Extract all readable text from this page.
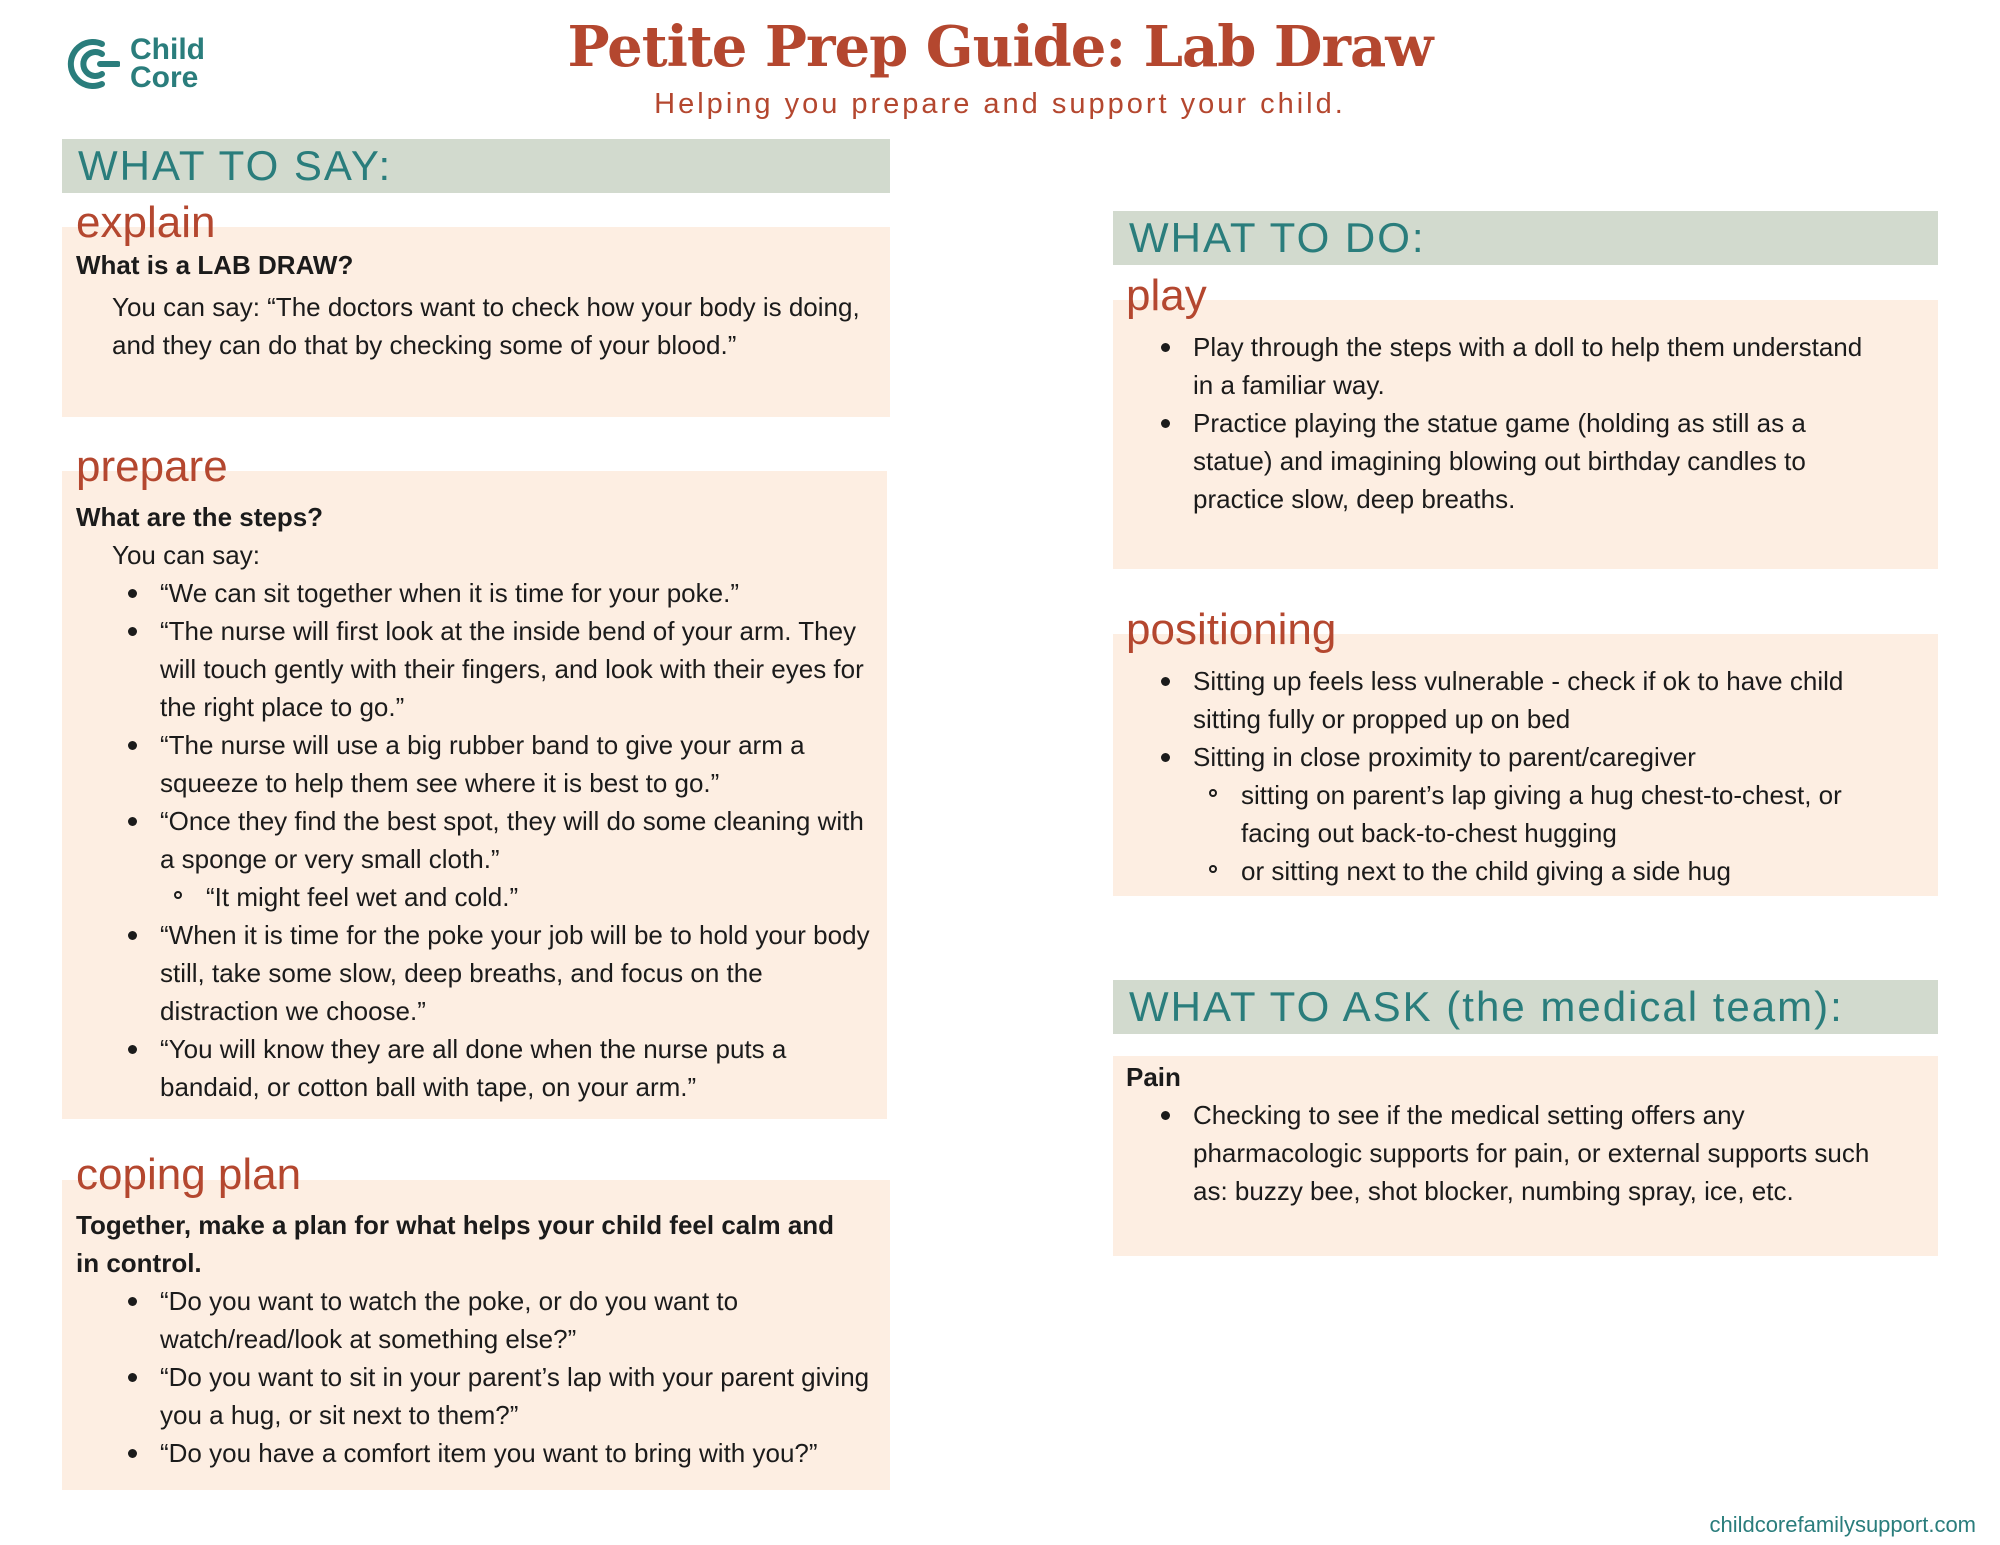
Child
Core	Petite Prep Guide: Lab Draw
Helping you prepare and support your child.
WHAT TO SAY:
explain
What is a LAB DRAW?
You can say: “The doctors want to check how your body is doing, and they can do that by checking some of your blood.”
prepare
What are the steps?
You can say:
“We can sit together when it is time for your poke.”
“The nurse will first look at the inside bend of your arm. They will touch gently with their fingers, and look with their eyes for the right place to go.”
“The nurse will use a big rubber band to give your arm a squeeze to help them see where it is best to go.”
“Once they find the best spot, they will do some cleaning with a sponge or very small cloth.”
“It might feel wet and cold.”
“When it is time for the poke your job will be to hold your body still, take some slow, deep breaths, and focus on the distraction we choose.”
“You will know they are all done when the nurse puts a bandaid, or cotton ball with tape, on your arm.”
coping plan
Together, make a plan for what helps your child feel calm and in control.
“Do you want to watch the poke, or do you want to watch/read/look at something else?”
“Do you want to sit in your parent’s lap with your parent giving you a hug, or sit next to them?”
“Do you have a comfort item you want to bring with you?”
WHAT TO DO:
play
Play through the steps with a doll to help them understand in a familiar way.
Practice playing the statue game (holding as still as a statue) and imagining blowing out birthday candles to practice slow, deep breaths.
positioning
Sitting up feels less vulnerable - check if ok to have child sitting fully or propped up on bed
Sitting in close proximity to parent/caregiver
sitting on parent’s lap giving a hug chest-to-chest, or facing out back-to-chest hugging
or sitting next to the child giving a side hug
WHAT TO ASK (the medical team):
Pain
Checking to see if the medical setting offers any pharmacologic supports for pain, or external supports such as: buzzy bee, shot blocker, numbing spray, ice, etc.
childcorefamilysupport.com
